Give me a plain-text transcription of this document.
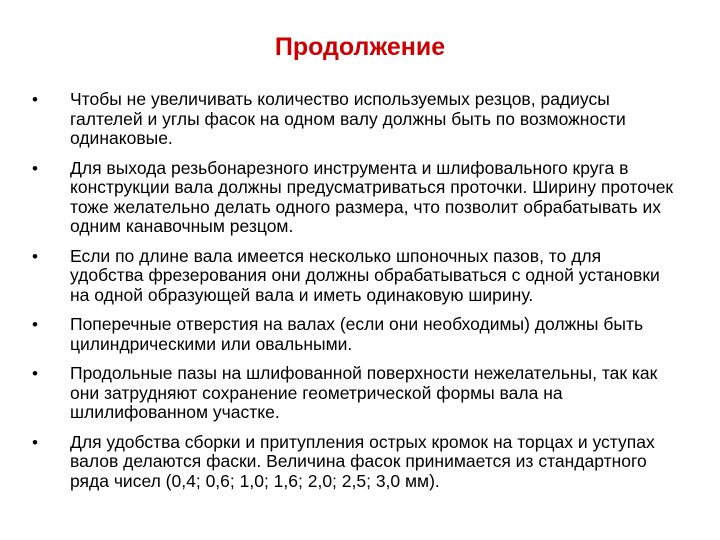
Продолжение
• Чтобы не увеличивать количество используемых резцов, радиусы галтелей и углы фасок на одном валу должны быть по возможности одинаковые.
• Для выхода резьбонарезного инструмента и шлифовального круга в конструкции вала должны предусматриваться проточки. Ширину проточек тоже желательно делать одного размера, что позволит обрабатывать их одним канавочным резцом.
• Если по длине вала имеется несколько шпоночных пазов, то для удобства фрезерования они должны обрабатываться с одной установки на одной образующей вала и иметь одинаковую ширину.
• Поперечные отверстия на валах (если они необходимы) должны быть цилиндрическими или овальными.
• Продольные пазы на шлифованной поверхности нежелательны, так как они затрудняют сохранение геометрической формы вала на шлилифованном участке.
• Для удобства сборки и притупления острых кромок на торцах и уступах валов делаются фаски. Величина фасок принимается из стандартного ряда чисел (0,4; 0,6; 1,0; 1,6; 2,0; 2,5; 3,0 мм).
